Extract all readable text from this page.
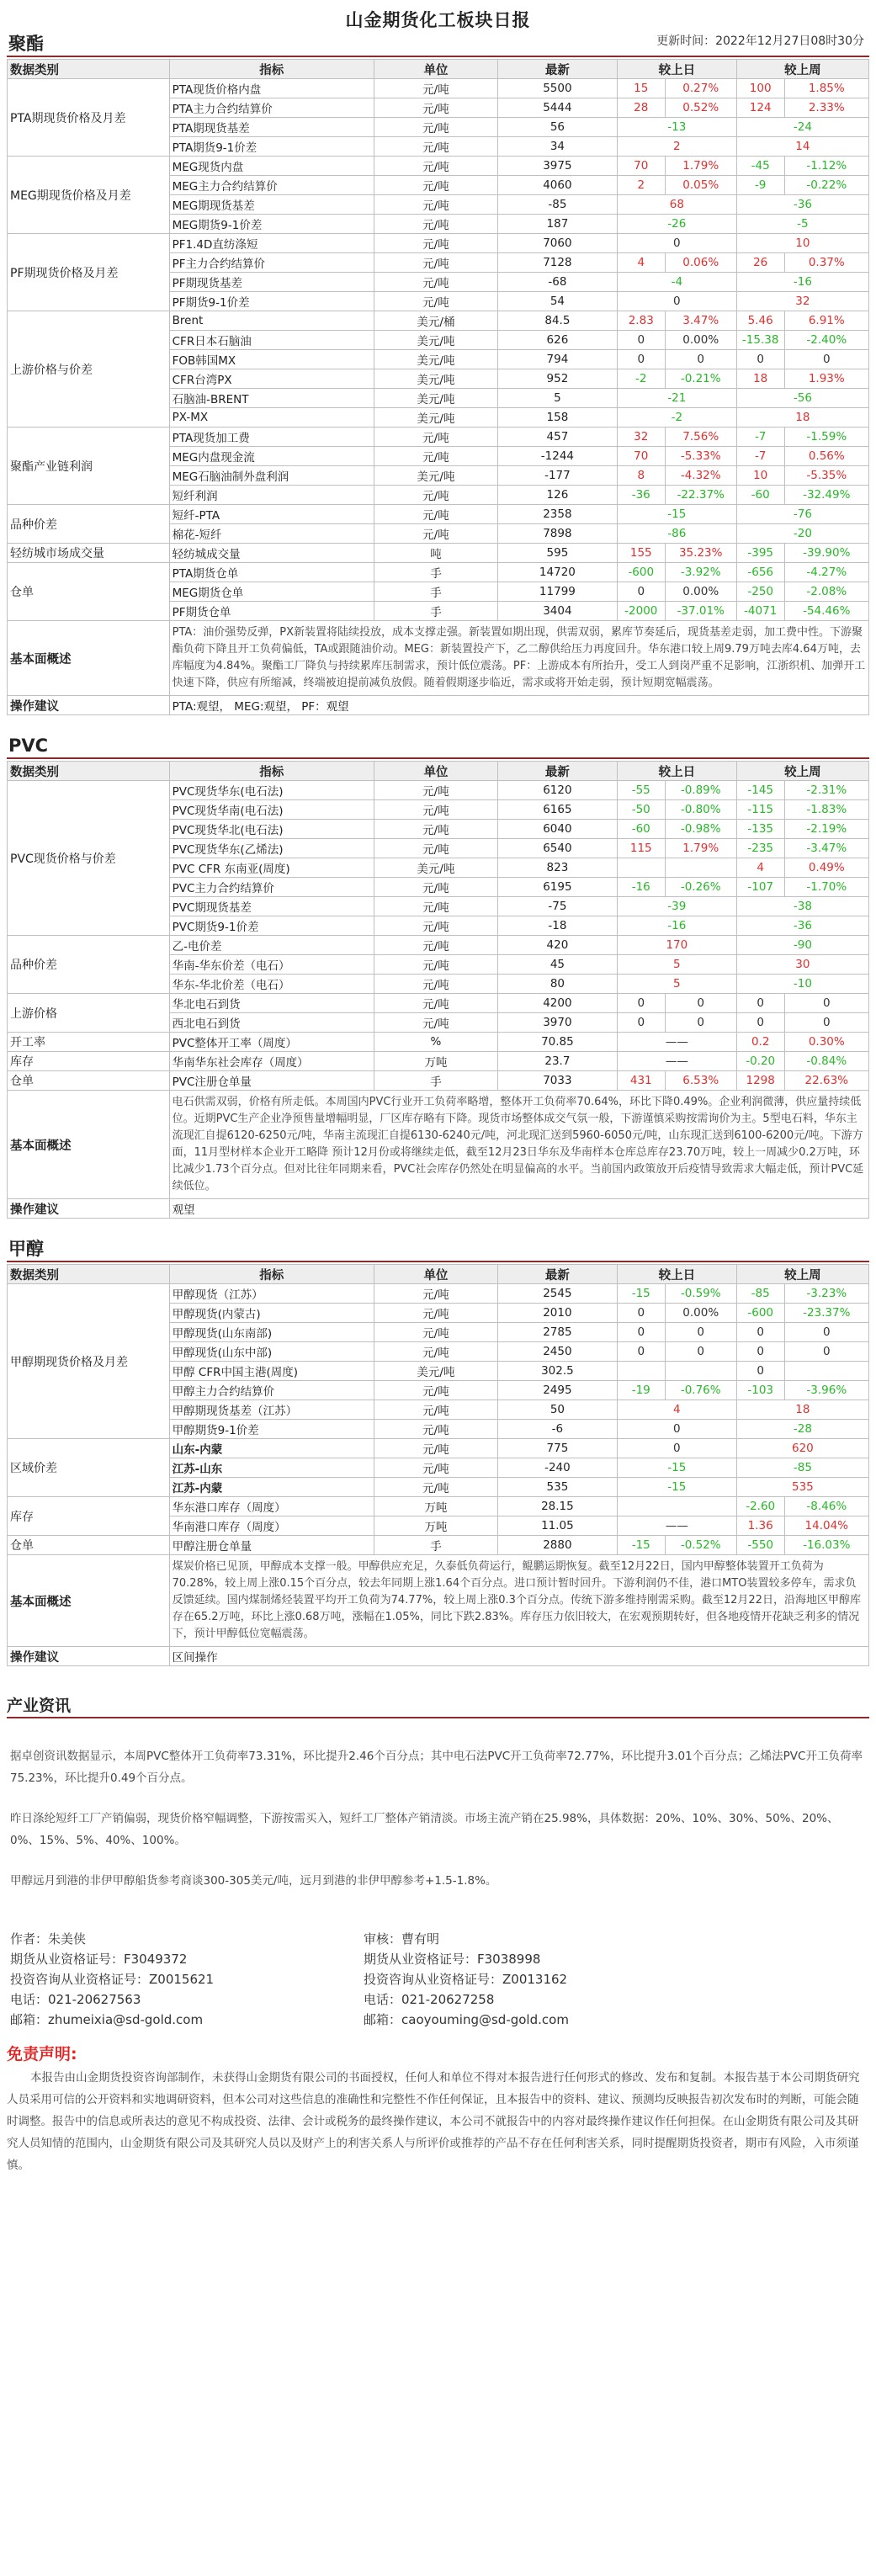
山金期货化工板块日报
更新时间：2022年12月27日08时30分
聚酯
数据类别	指标	单位	最新	较上日		较上周	
PTA期现货价格及月差	PTA现货价格内盘	元/吨	5500	15	0.27%	100	1.85%
	PTA主力合约结算价	元/吨	5444	28	0.52%	124	2.33%
	PTA期现货基差	元/吨	56	-13		-24	
	PTA期货9-1价差	元/吨	34	2		14	
MEG期现货价格及月差	MEG现货内盘	元/吨	3975	70	1.79%	-45	-1.12%
	MEG主力合约结算价	元/吨	4060	2	0.05%	-9	-0.22%
	MEG期现货基差	元/吨	-85	68		-36	
	MEG期货9-1价差	元/吨	187	-26		-5	
PF期现货价格及月差	PF1.4D直纺涤短	元/吨	7060	0		10	
	PF主力合约结算价	元/吨	7128	4	0.06%	26	0.37%
	PF期现货基差	元/吨	-68	-4		-16	
	PF期货9-1价差	元/吨	54	0		32	
上游价格与价差	Brent	美元/桶	84.5	2.83	3.47%	5.46	6.91%
	CFR日本石脑油	美元/吨	626	0	0.00%	-15.38	-2.40%
	FOB韩国MX	美元/吨	794	0	0	0	0
	CFR台湾PX	美元/吨	952	-2	-0.21%	18	1.93%
	石脑油-BRENT	美元/吨	5	-21		-56	
	PX-MX	美元/吨	158	-2		18	
聚酯产业链利润	PTA现货加工费	元/吨	457	32	7.56%	-7	-1.59%
	MEG内盘现金流	元/吨	-1244	70	-5.33%	-7	0.56%
	MEG石脑油制外盘利润	美元/吨	-177	8	-4.32%	10	-5.35%
	短纤利润	元/吨	126	-36	-22.37%	-60	-32.49%
品种价差	短纤-PTA	元/吨	2358	-15		-76	
	棉花-短纤	元/吨	7898	-86		-20	
轻纺城市场成交量	轻纺城成交量	吨	595	155	35.23%	-395	-39.90%
仓单	PTA期货仓单	手	14720	-600	-3.92%	-656	-4.27%
	MEG期货仓单	手	11799	0	0.00%	-250	-2.08%
	PF期货仓单	手	3404	-2000	-37.01%	-4071	-54.46%
基本面概述	PTA：油价强势反弹，PX新装置将陆续投放，成本支撑走强。新装置如期出现，供需双弱，累库节奏延后，现货基差走弱，加工费中性。下游聚酯负荷下降且开工负荷偏低，TA或跟随油价动。MEG：新装置投产下，乙二醇供给压力再度回升。华东港口较上周9.79万吨去库4.64万吨，去库幅度为4.84%。聚酯工厂降负与持续累库压制需求，预计低位震荡。PF：上游成本有所抬升，受工人到岗严重不足影响，江浙织机、加弹开工快速下降，供应有所缩减，终端被迫提前减负放假。随着假期逐步临近，需求或将开始走弱，预计短期宽幅震荡。						
操作建议	PTA:观望， MEG:观望， PF：观望						
PVC
数据类别	指标	单位	最新	较上日		较上周	
PVC现货价格与价差	PVC现货华东(电石法)	元/吨	6120	-55	-0.89%	-145	-2.31%
	PVC现货华南(电石法)	元/吨	6165	-50	-0.80%	-115	-1.83%
	PVC现货华北(电石法)	元/吨	6040	-60	-0.98%	-135	-2.19%
	PVC现货华东(乙烯法)	元/吨	6540	115	1.79%	-235	-3.47%
	PVC CFR 东南亚(周度)	美元/吨	823			4	0.49%
	PVC主力合约结算价	元/吨	6195	-16	-0.26%	-107	-1.70%
	PVC期现货基差	元/吨	-75	-39		-38	
	PVC期货9-1价差	元/吨	-18	-16		-36	
品种价差	乙-电价差	元/吨	420	170		-90	
	华南-华东价差（电石）	元/吨	45	5		30	
	华东-华北价差（电石）	元/吨	80	5		-10	
上游价格	华北电石到货	元/吨	4200	0	0	0	0
	西北电石到货	元/吨	3970	0	0	0	0
开工率	PVC整体开工率（周度）	%	70.85	——		0.2	0.30%
库存	华南华东社会库存（周度）	万吨	23.7	——		-0.20	-0.84%
仓单	PVC注册仓单量	手	7033	431	6.53%	1298	22.63%
基本面概述	电石供需双弱，价格有所走低。本周国内PVC行业开工负荷率略增，整体开工负荷率70.64%，环比下降0.49%。企业利润微薄，供应量持续低位。近期PVC生产企业净预售量增幅明显，厂区库存略有下降。现货市场整体成交气氛一般，下游谨慎采购按需询价为主。5型电石料，华东主流现汇自提6120-6250元/吨，华南主流现汇自提6130-6240元/吨，河北现汇送到5960-6050元/吨，山东现汇送到6100-6200元/吨。下游方面，11月型材样本企业开工略降 预计12月份或将继续走低，截至12月23日华东及华南样本仓库总库存23.70万吨，较上一周减少0.2万吨，环比减少1.73个百分点。但对比往年同期来看，PVC社会库存仍然处在明显偏高的水平。当前国内政策放开后疫情导致需求大幅走低，预计PVC延续低位。						
操作建议	观望						
甲醇
数据类别	指标	单位	最新	较上日		较上周	
甲醇期现货价格及月差	甲醇现货（江苏）	元/吨	2545	-15	-0.59%	-85	-3.23%
	甲醇现货(内蒙古)	元/吨	2010	0	0.00%	-600	-23.37%
	甲醇现货(山东南部)	元/吨	2785	0	0	0	0
	甲醇现货(山东中部)	元/吨	2450	0	0	0	0
	甲醇 CFR中国主港(周度)	美元/吨	302.5			0	
	甲醇主力合约结算价	元/吨	2495	-19	-0.76%	-103	-3.96%
	甲醇期现货基差（江苏）	元/吨	50	4		18	
	甲醇期货9-1价差	元/吨	-6	0		-28	
区域价差	山东-内蒙	元/吨	775	0		620	
	江苏-山东	元/吨	-240	-15		-85	
	江苏-内蒙	元/吨	535	-15		535	
库存	华东港口库存（周度）	万吨	28.15			-2.60	-8.46%
	华南港口库存（周度）	万吨	11.05	——		1.36	14.04%
仓单	甲醇注册仓单量	手	2880	-15	-0.52%	-550	-16.03%
基本面概述	煤炭价格已见顶，甲醇成本支撑一般。甲醇供应充足，久泰低负荷运行，鲲鹏运期恢复。截至12月22日，国内甲醇整体装置开工负荷为70.28%，较上周上涨0.15个百分点，较去年同期上涨1.64个百分点。进口预计暂时回升。下游利润仍不佳，港口MTO装置较多停车，需求负反馈延续。国内煤制烯烃装置平均开工负荷为74.77%，较上周上涨0.3个百分点。传统下游多维持刚需采购。截至12月22日，沿海地区甲醇库存在65.2万吨，环比上涨0.68万吨，涨幅在1.05%，同比下跌2.83%。库存压力依旧较大，在宏观预期转好，但各地疫情开花缺乏利多的情况下，预计甲醇低位宽幅震荡。						
操作建议	区间操作						
产业资讯
据卓创资讯数据显示，本周PVC整体开工负荷率73.31%，环比提升2.46个百分点；其中电石法PVC开工负荷率72.77%，环比提升3.01个百分点；乙烯法PVC开工负荷率75.23%，环比提升0.49个百分点。
昨日涤纶短纤工厂产销偏弱，现货价格窄幅调整，下游按需买入，短纤工厂整体产销清淡。市场主流产销在25.98%，具体数据：20%、10%、30%、50%、20%、0%、15%、5%、40%、100%。
甲醇远月到港的非伊甲醇船货参考商谈300-305美元/吨，远月到港的非伊甲醇参考+1.5-1.8%。

作者：朱美侠

期货从业资格证号：F3049372

投资咨询从业资格证号：Z0015621

电话：021-20627563

邮箱：zhumeixia@sd-gold.com

审核：曹有明

期货从业资格证号：F3038998

投资咨询从业资格证号：Z0013162

电话：021-20627258

邮箱：caoyouming@sd-gold.com

免责声明:
本报告由山金期货投资咨询部制作，未获得山金期货有限公司的书面授权，任何人和单位不得对本报告进行任何形式的修改、发布和复制。本报告基于本公司期货研究人员采用可信的公开资料和实地调研资料，但本公司对这些信息的准确性和完整性不作任何保证，且本报告中的资料、建议、预测均反映报告初次发布时的判断，可能会随时调整。报告中的信息或所表达的意见不构成投资、法律、会计或税务的最终操作建议，本公司不就报告中的内容对最终操作建议作任何担保。在山金期货有限公司及其研究人员知情的范围内，山金期货有限公司及其研究人员以及财产上的利害关系人与所评价或推荐的产品不存在任何利害关系，同时提醒期货投资者，期市有风险，入市须谨慎。
